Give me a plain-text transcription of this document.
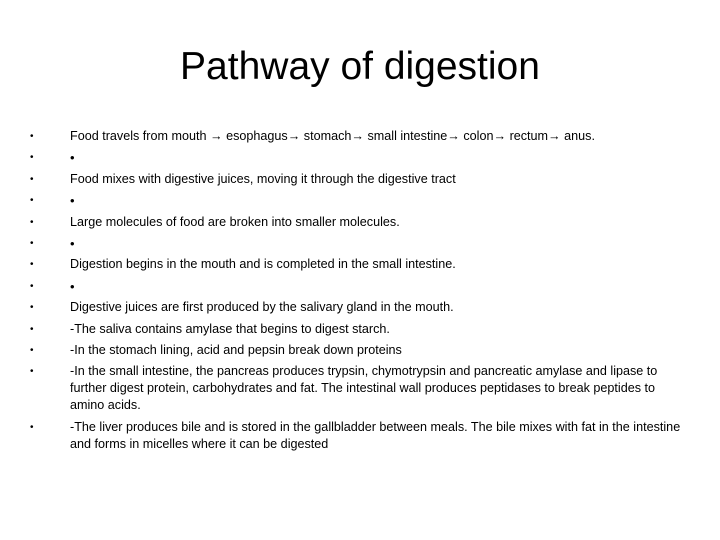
Pathway of digestion
•	Food travels from mouth → esophagus→ stomach→ small intestine→ colon→ rectum→ anus.
•	•
•	Food mixes with digestive juices, moving it through the digestive tract
•	•
•	Large molecules of food are broken into smaller molecules.
•	•
•	Digestion begins in the mouth and is completed in the small intestine.
•	•
•	Digestive juices are first produced by the salivary gland in the mouth.
•	-The saliva contains amylase that begins to digest starch.
•	-In the stomach lining, acid and pepsin break down proteins
•	-In the small intestine, the pancreas produces trypsin, chymotrypsin and pancreatic amylase and lipase to further digest protein, carbohydrates and fat. The intestinal wall produces peptidases to break peptides to amino acids.
•	-The liver produces bile and is stored in the gallbladder between meals. The bile mixes with fat in the intestine and forms in micelles where it can be digested
